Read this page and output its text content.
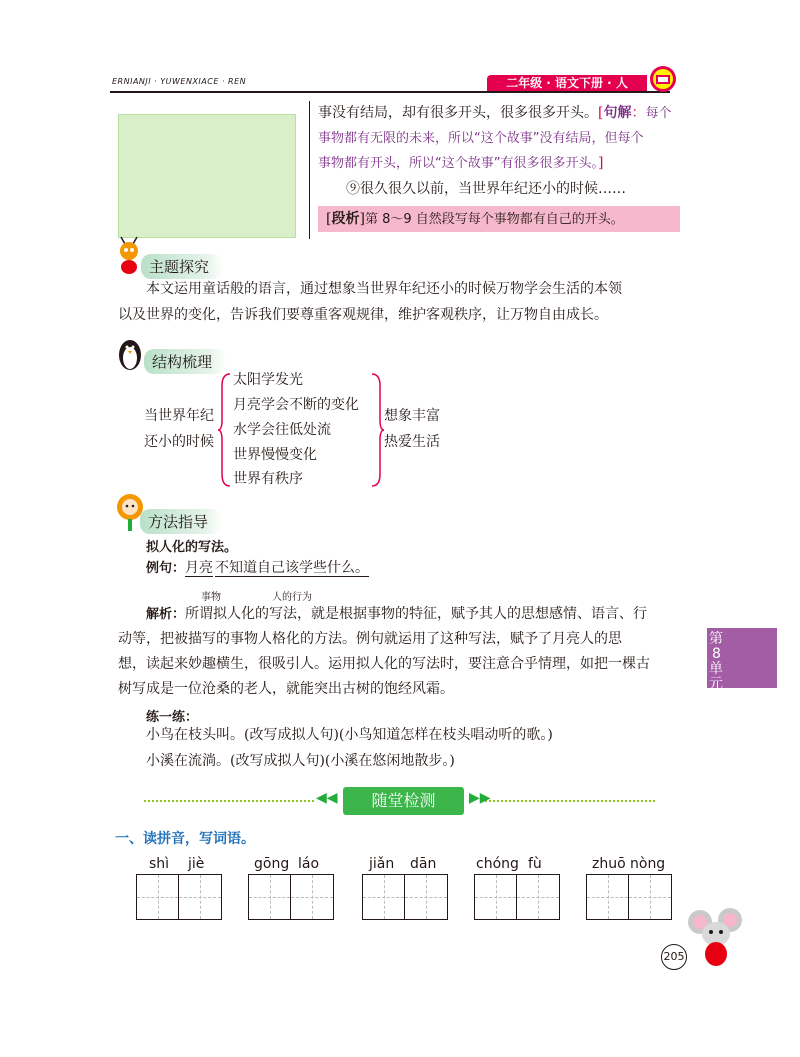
ERNIANJI · YUWENXIACE · REN	二年级 · 语文下册 · 人
事没有结局，却有很多开头，很多很多开头。[句解：每个
事物都有无限的未来，所以“这个故事”没有结局，但每个
事物都有开头，所以“这个故事”有很多很多开头。]
⑨很久很久以前，当世界年纪还小的时候……
[段析]第 8～9 自然段写每个事物都有自己的开头。
主题探究
本文运用童话般的语言，通过想象当世界年纪还小的时候万物学会生活的本领
以及世界的变化，告诉我们要尊重客观规律，维护客观秩序，让万物自由成长。
结构梳理
当世界年纪
还小的时候
太阳学发光
月亮学会不断的变化
水学会往低处流
世界慢慢变化
世界有秩序
想象丰富
热爱生活
方法指导
拟人化的写法。
例句：月亮 不知道自己该学些什么。
事物	人的行为
解析：所谓拟人化的写法，就是根据事物的特征，赋予其人的思想感情、语言、行
动等，把被描写的事物人格化的方法。例句就运用了这种写法，赋予了月亮人的思
想，读起来妙趣横生，很吸引人。运用拟人化的写法时，要注意合乎情理，如把一棵古
树写成是一位沧桑的老人，就能突出古树的饱经风霜。
练一练：
小鸟在枝头叫。(改写成拟人句)(小鸟知道怎样在枝头唱动听的歌。)
小溪在流淌。(改写成拟人句)(小溪在悠闲地散步。)
◀◀	▶▶
随堂检测
一、读拼音，写词语。
shì jiè	gōng láo	jiǎn dān	chóng fù	zhuō nòng
第
8
单
元
205
